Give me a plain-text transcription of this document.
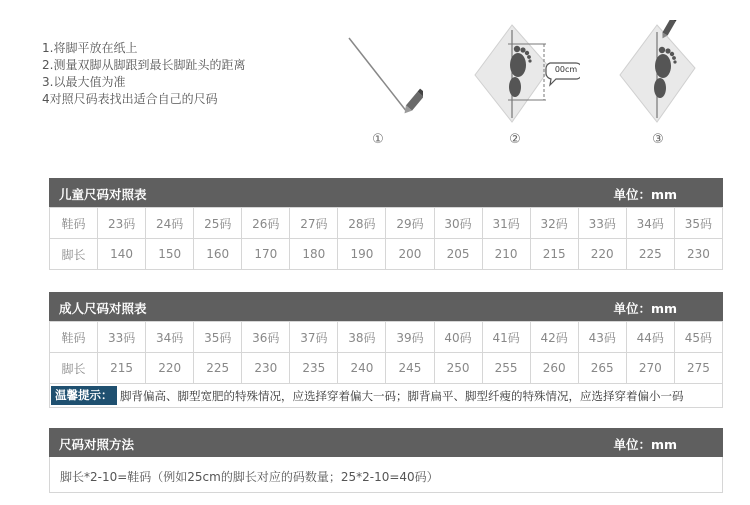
1.将脚平放在纸上
2.测量双脚从脚跟到最长脚趾头的距离
3.以最大值为准
4对照尺码表找出适合自己的尺码
①
00cm
②	③
儿童尺码对照表	单位：mm
鞋码	23码	24码	25码	26码	27码	28码	29码	30码	31码	32码	33码	34码	35码
脚长	140	150	160	170	180	190	200	205	210	215	220	225	230
成人尺码对照表	单位：mm
鞋码	33码	34码	35码	36码	37码	38码	39码	40码	41码	42码	43码	44码	45码
脚长	215	220	225	230	235	240	245	250	255	260	265	270	275
温馨提示： 脚背偏高、脚型宽肥的特殊情况，应选择穿着偏大一码；脚背扁平、脚型纤瘦的特殊情况，应选择穿着偏小一码
尺码对照方法	单位：mm
脚长*2-10=鞋码（例如25cm的脚长对应的码数量；25*2-10=40码）
